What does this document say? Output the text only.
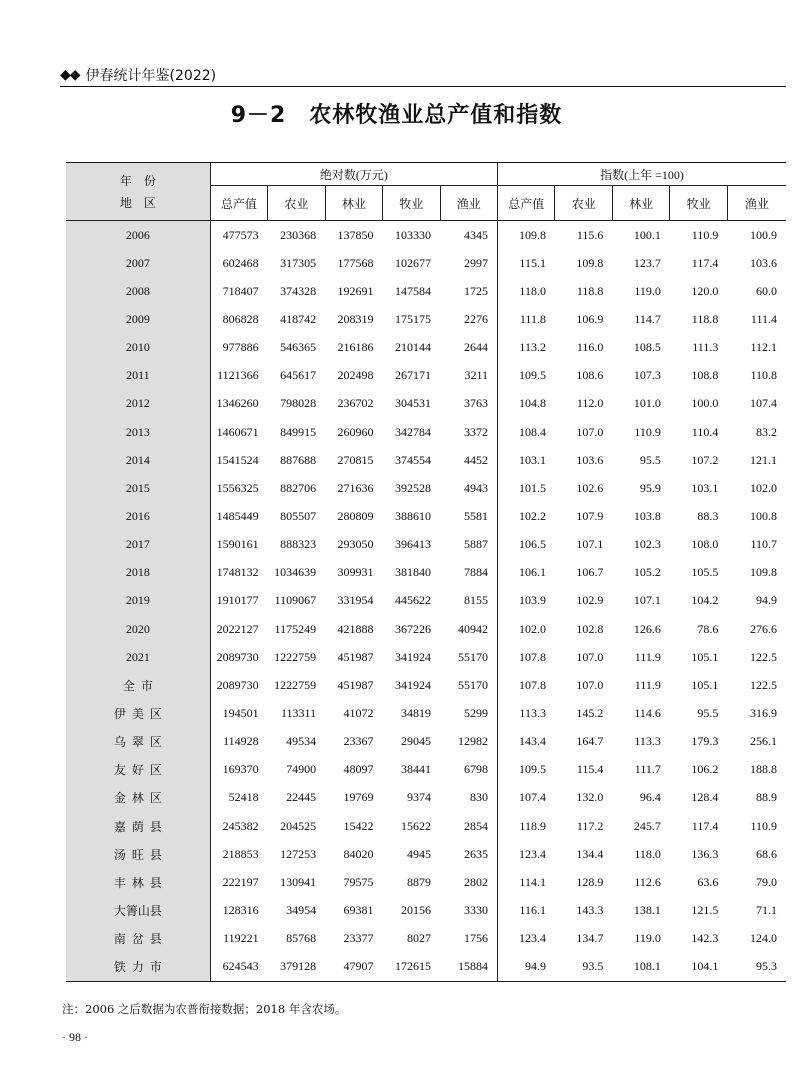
◆◆ 伊春统计年鉴(2022)
9－2　农林牧渔业总产值和指数
年　份
地　区	绝对数(万元)					指数(上年 =100)				
	总产值	农业	林业	牧业	渔业	总产值	农业	林业	牧业	渔业
2006	477573	230368	137850	103330	4345	109.8	115.6	100.1	110.9	100.9
2007	602468	317305	177568	102677	2997	115.1	109.8	123.7	117.4	103.6
2008	718407	374328	192691	147584	1725	118.0	118.8	119.0	120.0	60.0
2009	806828	418742	208319	175175	2276	111.8	106.9	114.7	118.8	111.4
2010	977886	546365	216186	210144	2644	113.2	116.0	108.5	111.3	112.1
2011	1121366	645617	202498	267171	3211	109.5	108.6	107.3	108.8	110.8
2012	1346260	798028	236702	304531	3763	104.8	112.0	101.0	100.0	107.4
2013	1460671	849915	260960	342784	3372	108.4	107.0	110.9	110.4	83.2
2014	1541524	887688	270815	374554	4452	103.1	103.6	95.5	107.2	121.1
2015	1556325	882706	271636	392528	4943	101.5	102.6	95.9	103.1	102.0
2016	1485449	805507	280809	388610	5581	102.2	107.9	103.8	88.3	100.8
2017	1590161	888323	293050	396413	5887	106.5	107.1	102.3	108.0	110.7
2018	1748132	1034639	309931	381840	7884	106.1	106.7	105.2	105.5	109.8
2019	1910177	1109067	331954	445622	8155	103.9	102.9	107.1	104.2	94.9
2020	2022127	1175249	421888	367226	40942	102.0	102.8	126.6	78.6	276.6
2021	2089730	1222759	451987	341924	55170	107.8	107.0	111.9	105.1	122.5
全市	2089730	1222759	451987	341924	55170	107.8	107.0	111.9	105.1	122.5
伊美区	194501	113311	41072	34819	5299	113.3	145.2	114.6	95.5	316.9
乌翠区	114928	49534	23367	29045	12982	143.4	164.7	113.3	179.3	256.1
友好区	169370	74900	48097	38441	6798	109.5	115.4	111.7	106.2	188.8
金林区	52418	22445	19769	9374	830	107.4	132.0	96.4	128.4	88.9
嘉荫县	245382	204525	15422	15622	2854	118.9	117.2	245.7	117.4	110.9
汤旺县	218853	127253	84020	4945	2635	123.4	134.4	118.0	136.3	68.6
丰林县	222197	130941	79575	8879	2802	114.1	128.9	112.6	63.6	79.0
大箐山县	128316	34954	69381	20156	3330	116.1	143.3	138.1	121.5	71.1
南岔县	119221	85768	23377	8027	1756	123.4	134.7	119.0	142.3	124.0
铁力市	624543	379128	47907	172615	15884	94.9	93.5	108.1	104.1	95.3
注：2006 之后数据为农普衔接数据；2018 年含农场。
· 98 ·
